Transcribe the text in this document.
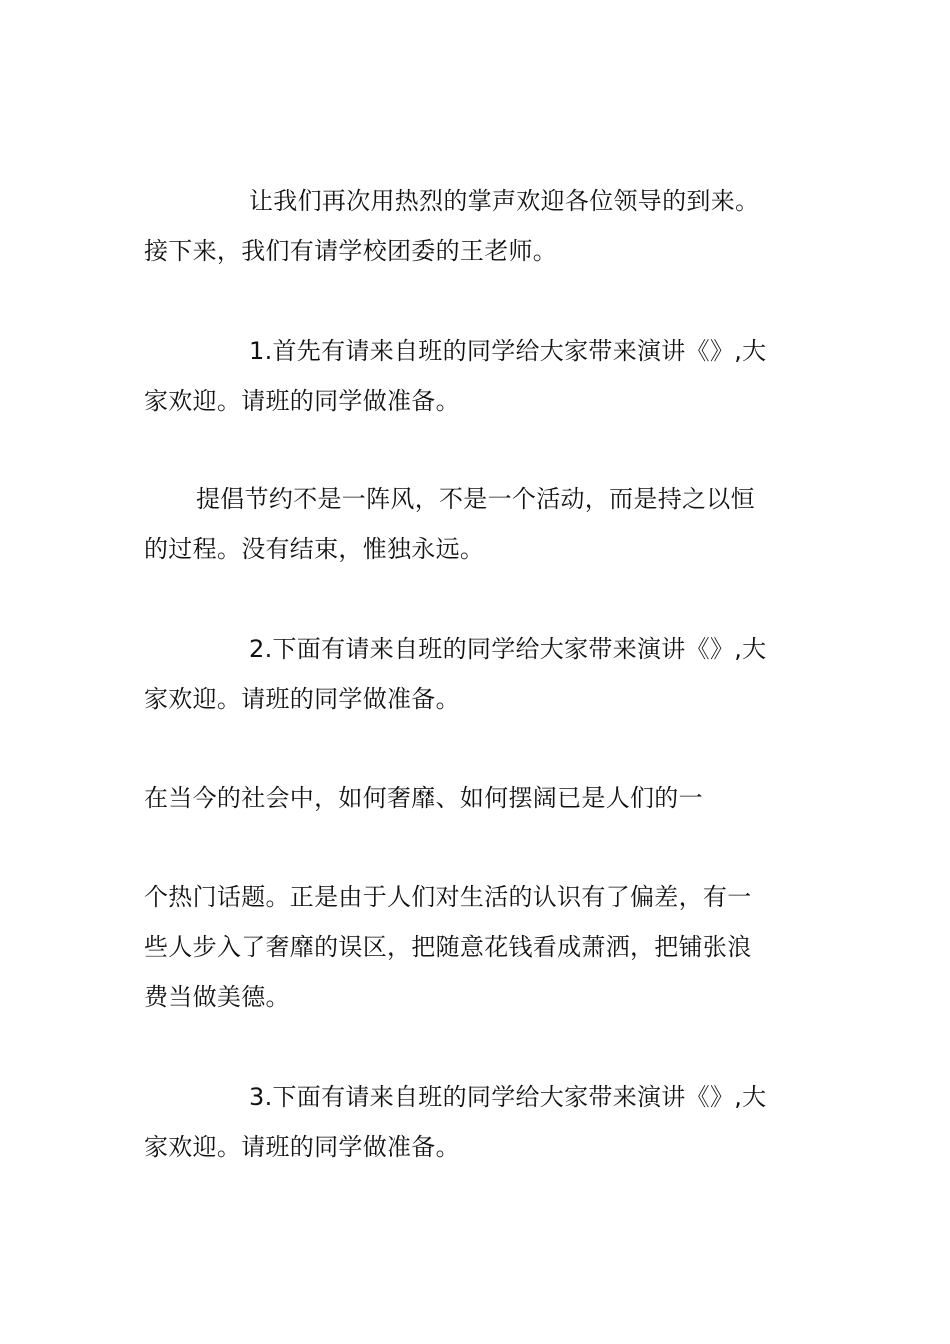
让我们再次用热烈的掌声欢迎各位领导的到来。
接下来，我们有请学校团委的王老师。
1.首先有请来自班的同学给大家带来演讲《》,大
家欢迎。请班的同学做准备。
提倡节约不是一阵风，不是一个活动，而是持之以恒
的过程。没有结束，惟独永远。
2.下面有请来自班的同学给大家带来演讲《》,大
家欢迎。请班的同学做准备。
在当今的社会中，如何奢靡、如何摆阔已是人们的一
个热门话题。正是由于人们对生活的认识有了偏差，有一
些人步入了奢靡的误区，把随意花钱看成萧洒，把铺张浪
费当做美德。
3.下面有请来自班的同学给大家带来演讲《》,大
家欢迎。请班的同学做准备。
